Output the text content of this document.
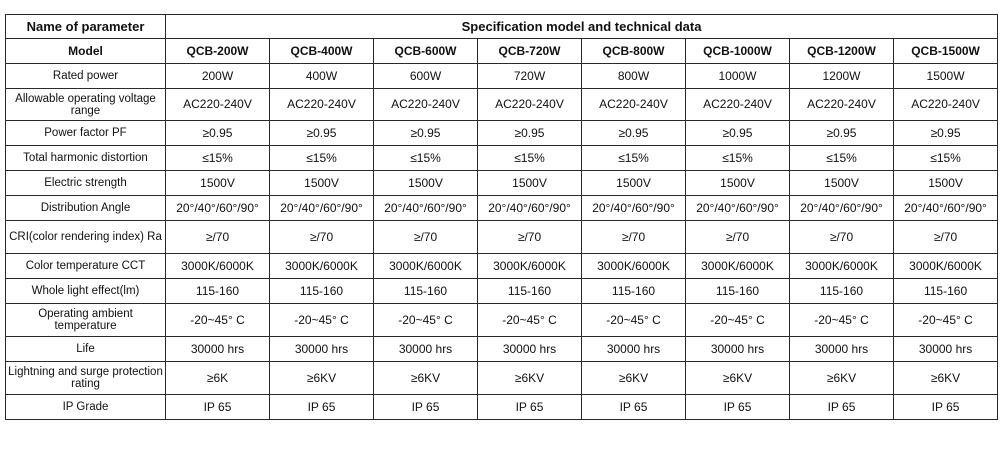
Name of parameter	Specification model and technical data							
Model	QCB-200W	QCB-400W	QCB-600W	QCB-720W	QCB-800W	QCB-1000W	QCB-1200W	QCB-1500W
Rated power	200W	400W	600W	720W	800W	1000W	1200W	1500W
Allowable operating voltage range	AC220-240V	AC220-240V	AC220-240V	AC220-240V	AC220-240V	AC220-240V	AC220-240V	AC220-240V
Power factor PF	≥0.95	≥0.95	≥0.95	≥0.95	≥0.95	≥0.95	≥0.95	≥0.95
Total harmonic distortion	≤15%	≤15%	≤15%	≤15%	≤15%	≤15%	≤15%	≤15%
Electric strength	1500V	1500V	1500V	1500V	1500V	1500V	1500V	1500V
Distribution Angle	20°/40°/60°/90°	20°/40°/60°/90°	20°/40°/60°/90°	20°/40°/60°/90°	20°/40°/60°/90°	20°/40°/60°/90°	20°/40°/60°/90°	20°/40°/60°/90°
CRI(color rendering index) Ra	≥/70	≥/70	≥/70	≥/70	≥/70	≥/70	≥/70	≥/70
Color temperature CCT	3000K/6000K	3000K/6000K	3000K/6000K	3000K/6000K	3000K/6000K	3000K/6000K	3000K/6000K	3000K/6000K
Whole light effect(lm)	115-160	115-160	115-160	115-160	115-160	115-160	115-160	115-160
Operating ambient temperature	-20~45° C	-20~45° C	-20~45° C	-20~45° C	-20~45° C	-20~45° C	-20~45° C	-20~45° C
Life	30000 hrs	30000 hrs	30000 hrs	30000 hrs	30000 hrs	30000 hrs	30000 hrs	30000 hrs
Lightning and surge protection rating	≥6K	≥6KV	≥6KV	≥6KV	≥6KV	≥6KV	≥6KV	≥6KV
IP Grade	IP 65	IP 65	IP 65	IP 65	IP 65	IP 65	IP 65	IP 65
